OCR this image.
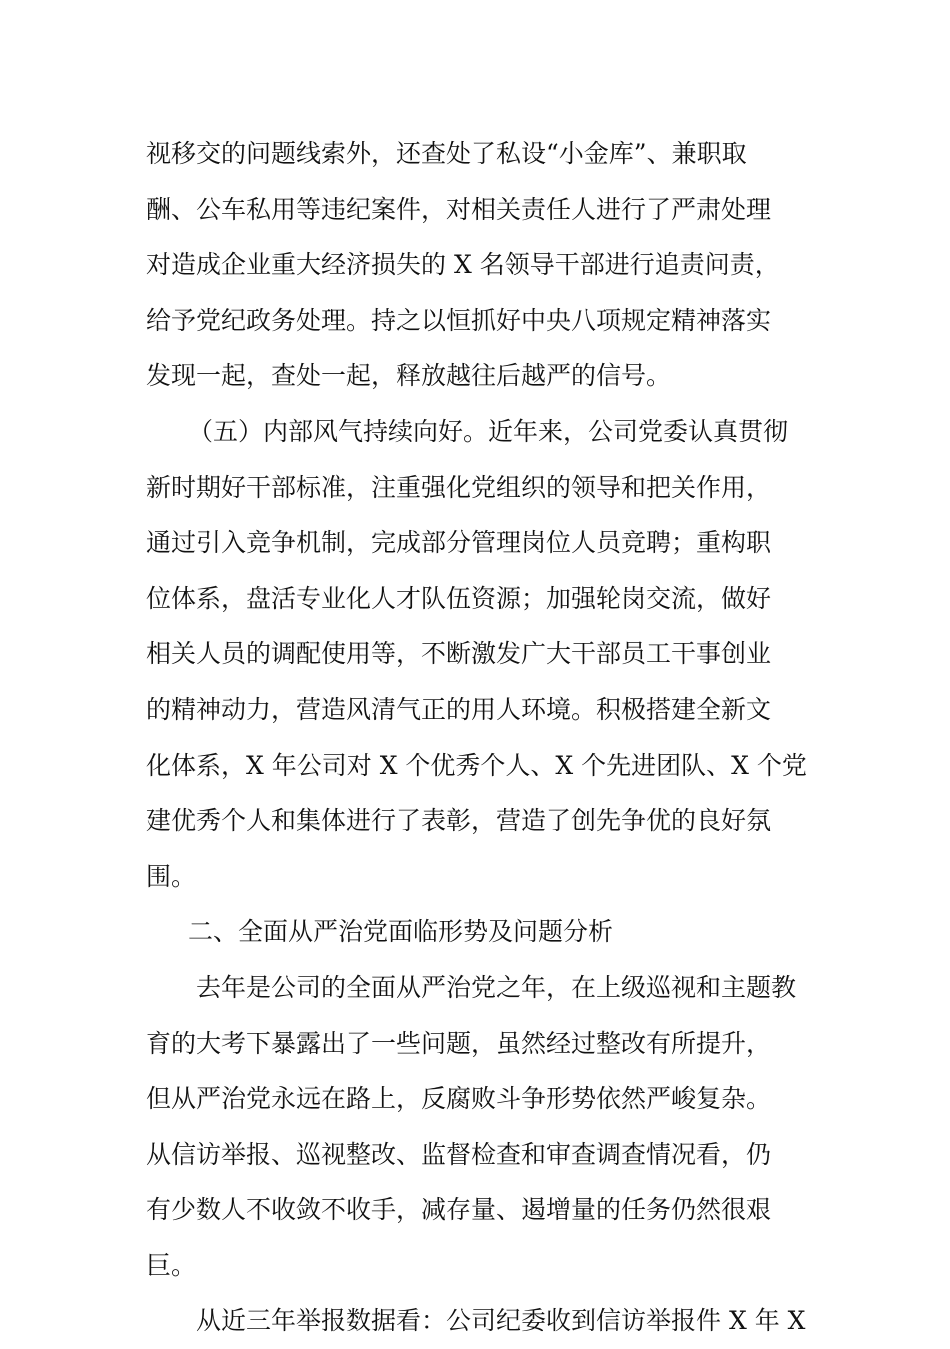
视移交的问题线索外，还查处了私设“小金库”、兼职取
酬、公车私用等违纪案件，对相关责任人进行了严肃处理
对造成企业重大经济损失的 X 名领导干部进行追责问责，
给予党纪政务处理。持之以恒抓好中央八项规定精神落实
发现一起，查处一起，释放越往后越严的信号。
（五）内部风气持续向好。近年来，公司党委认真贯彻
新时期好干部标准，注重强化党组织的领导和把关作用，
通过引入竞争机制，完成部分管理岗位人员竞聘；重构职
位体系，盘活专业化人才队伍资源；加强轮岗交流，做好
相关人员的调配使用等，不断激发广大干部员工干事创业
的精神动力，营造风清气正的用人环境。积极搭建全新文
化体系，X 年公司对 X 个优秀个人、X 个先进团队、X 个党
建优秀个人和集体进行了表彰，营造了创先争优的良好氛
围。
二、全面从严治党面临形势及问题分析
去年是公司的全面从严治党之年，在上级巡视和主题教
育的大考下暴露出了一些问题，虽然经过整改有所提升，
但从严治党永远在路上，反腐败斗争形势依然严峻复杂。
从信访举报、巡视整改、监督检查和审查调查情况看，仍
有少数人不收敛不收手，减存量、遏增量的任务仍然很艰
巨。
从近三年举报数据看：公司纪委收到信访举报件 X 年 X
